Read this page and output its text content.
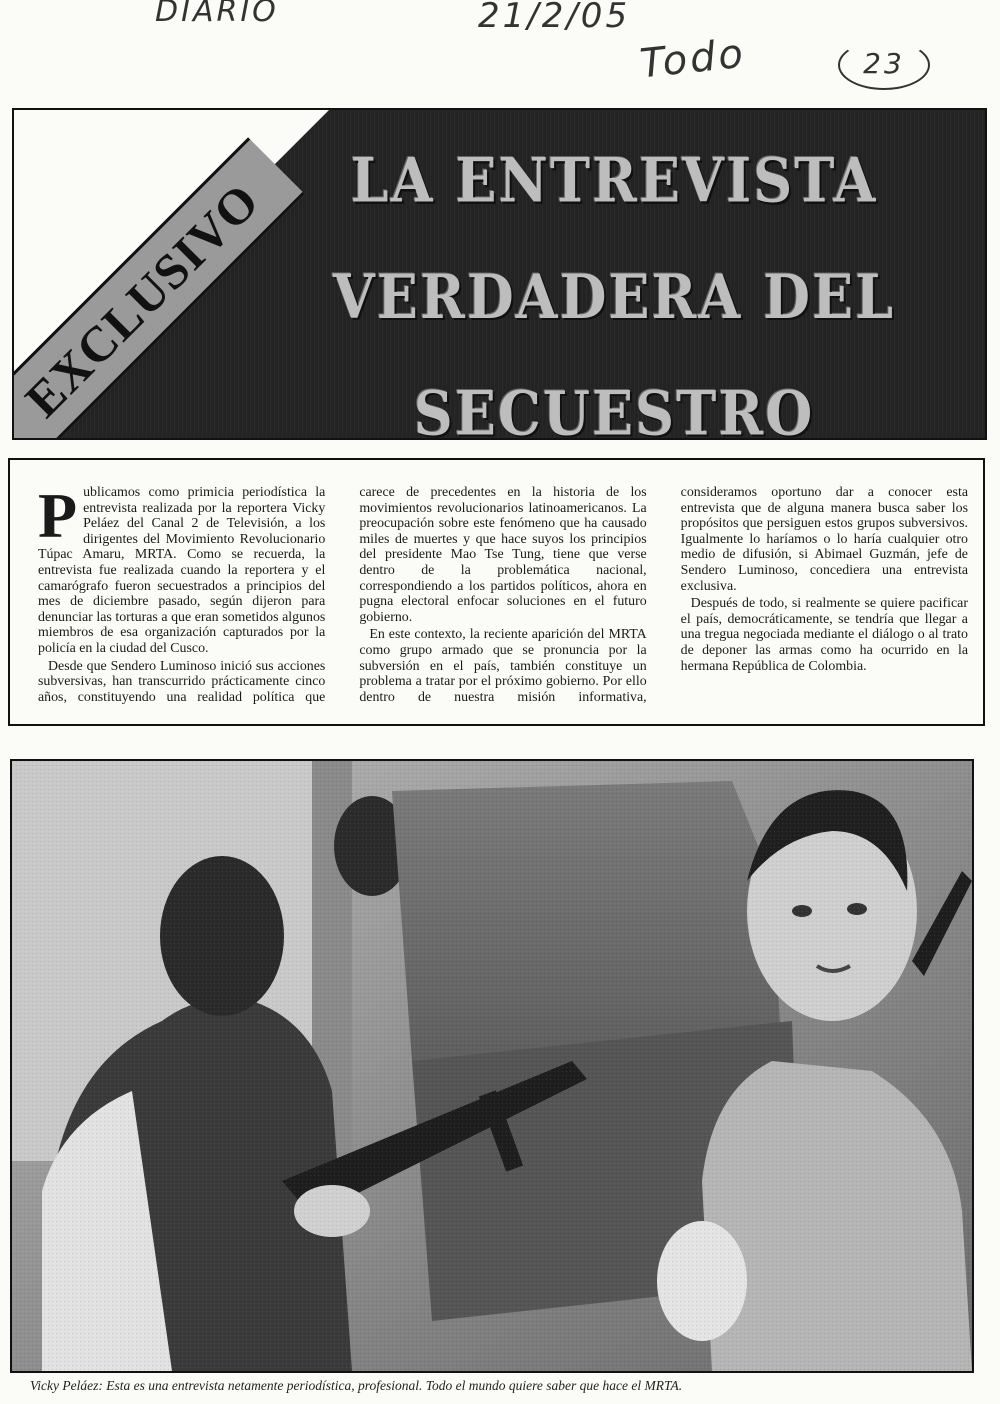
DIARIO	21/2/05
Todo	23
EXCLUSIVO	LA ENTREVISTA
VERDADERA DEL SECUESTRO

Publicamos como primicia periodística la entrevista realizada por la reportera Vicky Peláez del Canal 2 de Televisión, a los dirigentes del Movimiento Revolucionario Túpac Amaru, MRTA. Como se recuerda, la entrevista fue realizada cuando la reportera y el camarógrafo fueron secuestrados a principios del mes de diciembre pasado, según dijeron para denunciar las torturas a que eran sometidos algunos miembros de esa organización capturados por la policía en la ciudad del Cusco.

Desde que Sendero Luminoso inició sus acciones subversivas, han transcurrido prácticamente cinco años, constituyendo una realidad política que carece de precedentes en la historia de los movimientos revolucionarios latinoamericanos. La preocupación sobre este fenómeno que ha causado miles de muertes y que hace suyos los principios del presidente Mao Tse Tung, tiene que verse dentro de la problemática nacional, correspondiendo a los partidos políticos, ahora en pugna electoral enfocar soluciones en el futuro gobierno.

En este contexto, la reciente aparición del MRTA como grupo armado que se pronuncia por la subversión en el país, también constituye un problema a tratar por el próximo gobierno. Por ello dentro de nuestra misión informativa, consideramos oportuno dar a conocer esta entrevista que de alguna manera busca saber los propósitos que persiguen estos grupos subversivos. Igualmente lo haríamos o lo haría cualquier otro medio de difusión, si Abimael Guzmán, jefe de Sendero Luminoso, concediera una entrevista exclusiva.

Después de todo, si realmente se quiere pacificar el país, democráticamente, se tendría que llegar a una tregua negociada mediante el diálogo o al trato de deponer las armas como ha ocurrido en la hermana República de Colombia.

Vicky Peláez: Esta es una entrevista netamente periodística, profesional. Todo el mundo quiere saber que hace el MRTA.
